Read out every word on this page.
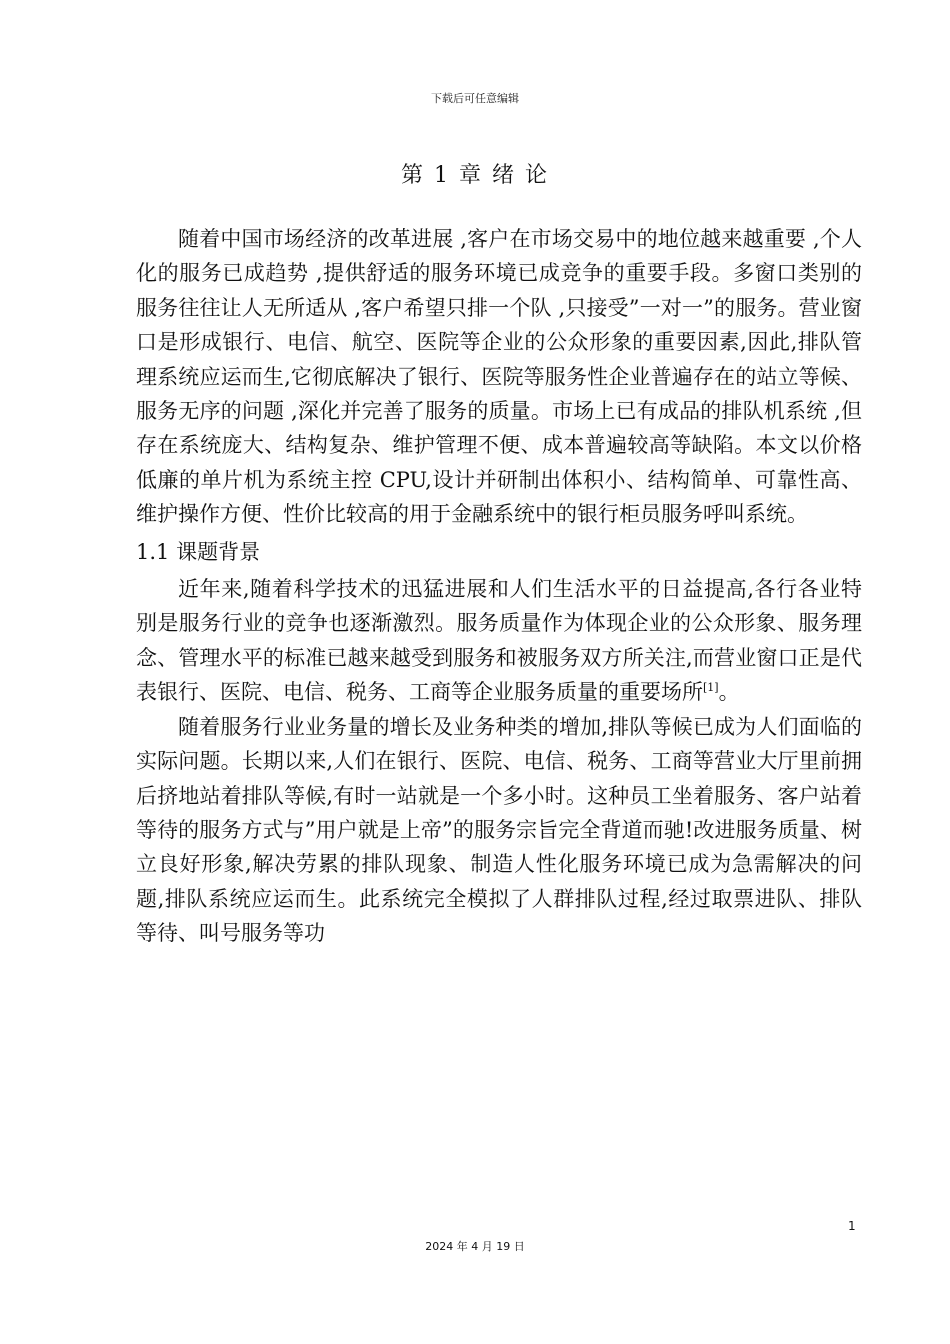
下载后可任意编辑
第 1 章 绪 论

随着中国市场经济的改革进展 ,客户在市场交易中的地位越来越重要 ,个人化的服务已成趋势 ,提供舒适的服务环境已成竞争的重要手段。多窗口类别的服务往往让人无所适从 ,客户希望只排一个队 ,只接受”一对一”的服务。营业窗口是形成银行、电信、航空、医院等企业的公众形象的重要因素,因此,排队管理系统应运而生,它彻底解决了银行、医院等服务性企业普遍存在的站立等候、服务无序的问题 ,深化并完善了服务的质量。市场上已有成品的排队机系统 ,但存在系统庞大、结构复杂、维护管理不便、成本普遍较高等缺陷。本文以价格低廉的单片机为系统主控 CPU,设计并研制出体积小、结构简单、可靠性高、维护操作方便、性价比较高的用于金融系统中的银行柜员服务呼叫系统。

1.1 课题背景

近年来,随着科学技术的迅猛进展和人们生活水平的日益提高,各行各业特别是服务行业的竞争也逐渐激烈。服务质量作为体现企业的公众形象、服务理念、管理水平的标准已越来越受到服务和被服务双方所关注,而营业窗口正是代表银行、医院、电信、税务、工商等企业服务质量的重要场所[1]。

随着服务行业业务量的增长及业务种类的增加,排队等候已成为人们面临的实际问题。长期以来,人们在银行、医院、电信、税务、工商等营业大厅里前拥后挤地站着排队等候,有时一站就是一个多小时。这种员工坐着服务、客户站着等待的服务方式与”用户就是上帝”的服务宗旨完全背道而驰!改进服务质量、树立良好形象,解决劳累的排队现象、制造人性化服务环境已成为急需解决的问题,排队系统应运而生。此系统完全模拟了人群排队过程,经过取票进队、排队等待、叫号服务等功

1
2024 年 4 月 19 日
